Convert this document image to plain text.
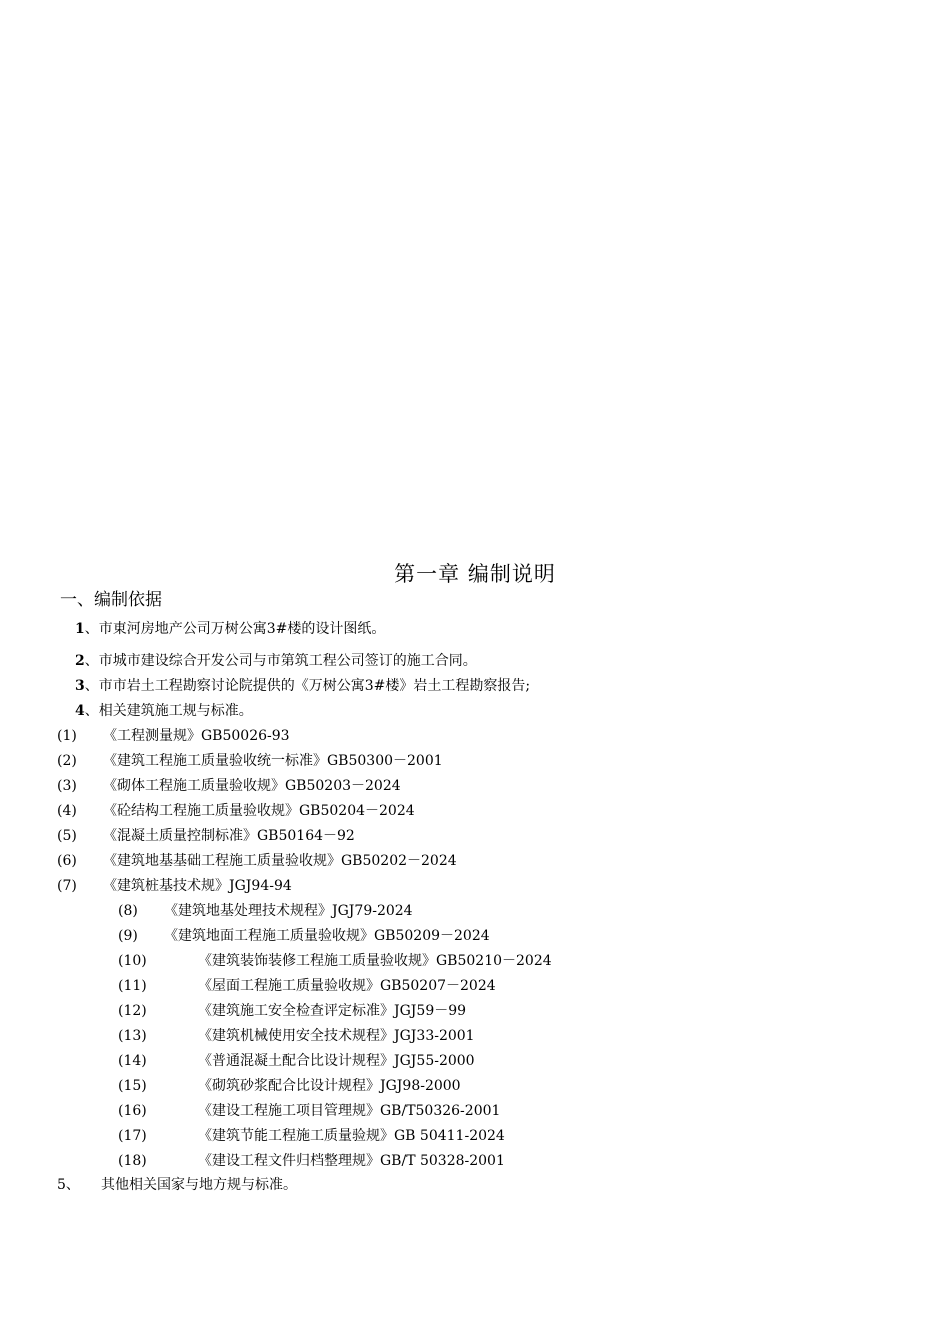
第一章 编制说明
一、编制依据
1、市東河房地产公司万树公寓3#楼的设计图纸。
2、市城市建设综合开发公司与市第筑工程公司签订的施工合同。
3、市市岩土工程勘察讨论院提供的《万树公寓3#楼》岩土工程勘察报告;
4、相关建筑施工规与标准。
(1) 《工程测量规》GB50026-93
(2) 《建筑工程施工质量验收统一标准》GB50300－2001
(3) 《砌体工程施工质量验收规》GB50203－2024
(4) 《砼结构工程施工质量验收规》GB50204－2024
(5) 《混凝土质量控制标准》GB50164－92
(6) 《建筑地基基础工程施工质量验收规》GB50202－2024
(7) 《建筑桩基技术规》JGJ94-94
(8) 《建筑地基处理技术规程》JGJ79-2024
(9) 《建筑地面工程施工质量验收规》GB50209－2024
(10)	《建筑装饰装修工程施工质量验收规》GB50210－2024
(11)	《屋面工程施工质量验收规》GB50207－2024
(12)	《建筑施工安全检查评定标准》JGJ59－99
(13)	《建筑机械使用安全技术规程》JGJ33-2001
(14)	《普通混凝土配合比设计规程》JGJ55-2000
(15)	《砌筑砂浆配合比设计规程》JGJ98-2000
(16)	《建设工程施工项目管理规》GB/T50326-2001
(17)	《建筑节能工程施工质量验规》GB 50411-2024
(18)	《建设工程文件归档整理规》GB/T 50328-2001
5、 其他相关国家与地方规与标准。
